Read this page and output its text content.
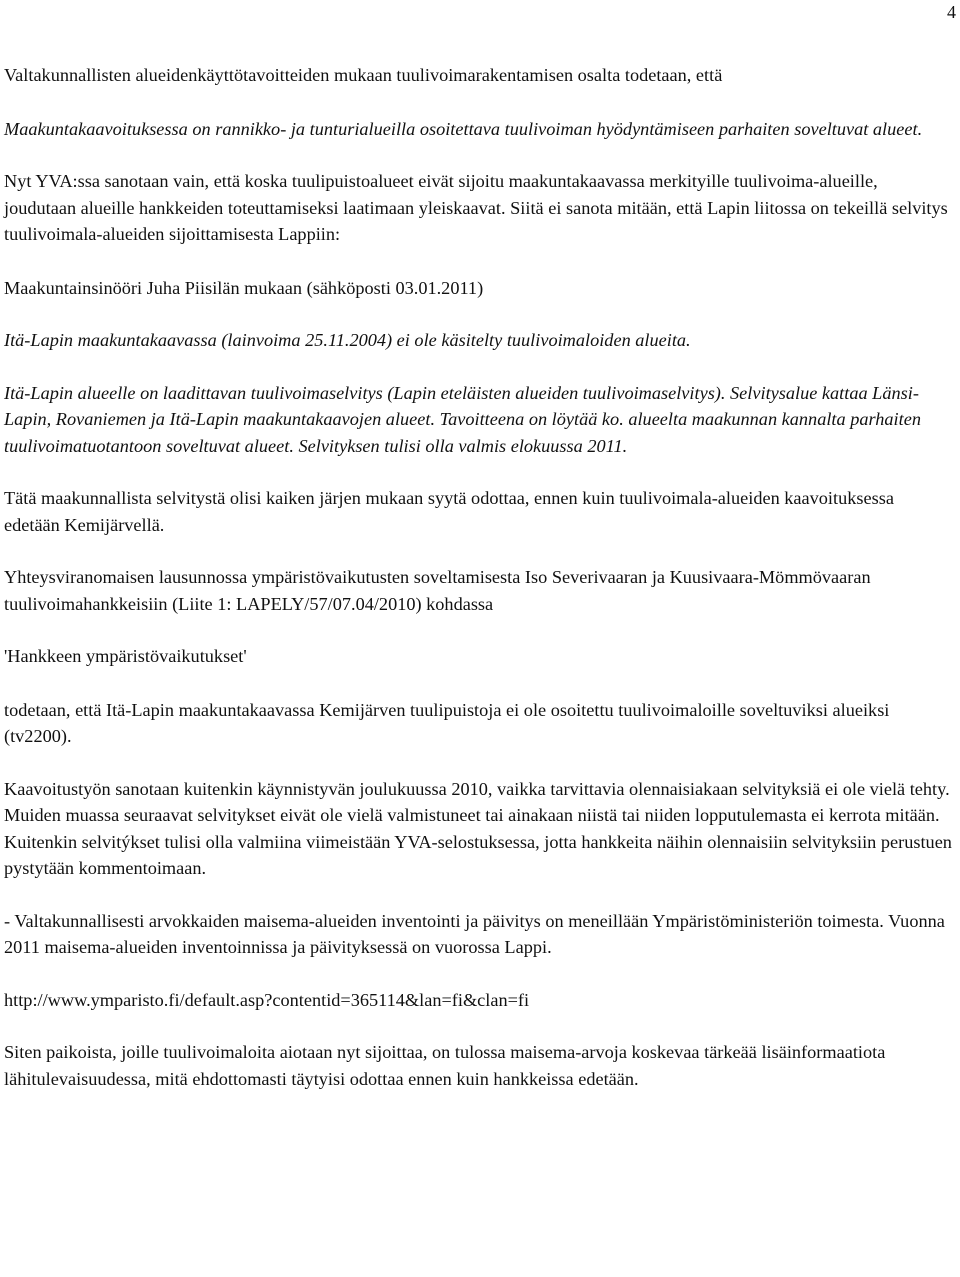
4

Valtakunnallisten alueidenkäyttötavoitteiden mukaan tuulivoimarakentamisen osalta todetaan, että

Maakuntakaavoituksessa on rannikko- ja tunturialueilla osoitettava tuulivoiman hyödyntämiseen parhaiten soveltuvat alueet.

Nyt YVA:ssa sanotaan vain, että koska tuulipuistoalueet eivät sijoitu maakuntakaavassa merkityille tuulivoima-alueille, joudutaan alueille hankkeiden toteuttamiseksi laatimaan yleiskaavat. Siitä ei sanota mitään, että Lapin liitossa on tekeillä selvitys tuulivoimala-alueiden sijoittamisesta Lappiin:

Maakuntainsinööri Juha Piisilän mukaan (sähköposti 03.01.2011)

Itä-Lapin maakuntakaavassa (lainvoima 25.11.2004) ei ole käsitelty tuulivoimaloiden alueita.

Itä-Lapin alueelle on laadittavan tuulivoimaselvitys (Lapin eteläisten alueiden tuulivoimaselvitys). Selvitysalue kattaa Länsi-Lapin, Rovaniemen ja Itä-Lapin maakuntakaavojen alueet. Tavoitteena on löytää ko. alueelta maakunnan kannalta parhaiten tuulivoimatuotantoon soveltuvat alueet. Selvityksen tulisi olla valmis elokuussa 2011.

Tätä maakunnallista selvitystä olisi kaiken järjen mukaan syytä odottaa, ennen kuin tuulivoimala-alueiden kaavoituksessa edetään Kemijärvellä.

Yhteysviranomaisen lausunnossa ympäristövaikutusten soveltamisesta Iso Severivaaran ja Kuusivaara-Mömmövaaran tuulivoimahankkeisiin (Liite 1: LAPELY/57/07.04/2010) kohdassa

'Hankkeen ympäristövaikutukset'

todetaan, että Itä-Lapin maakuntakaavassa Kemijärven tuulipuistoja ei ole osoitettu tuulivoimaloille soveltuviksi alueiksi (tv2200).

Kaavoitustyön sanotaan kuitenkin käynnistyvän joulukuussa 2010, vaikka tarvittavia olennaisiakaan selvityksiä ei ole vielä tehty. Muiden muassa seuraavat selvitykset eivät ole vielä valmistuneet tai ainakaan niistä tai niiden lopputulemasta ei kerrota mitään. Kuitenkin selvitýkset tulisi olla valmiina viimeistään YVA-selostuksessa, jotta hankkeita näihin olennaisiin selvityksiin perustuen pystytään kommentoimaan.

- Valtakunnallisesti arvokkaiden maisema-alueiden inventointi ja päivitys on meneillään Ympäristöministeriön toimesta. Vuonna 2011 maisema-alueiden inventoinnissa ja päivityksessä on vuorossa Lappi.

http://www.ymparisto.fi/default.asp?contentid=365114&lan=fi&clan=fi

Siten paikoista, joille tuulivoimaloita aiotaan nyt sijoittaa, on tulossa maisema-arvoja koskevaa tärkeää lisäinformaatiota lähitulevaisuudessa, mitä ehdottomasti täytyisi odottaa ennen kuin hankkeissa edetään.
